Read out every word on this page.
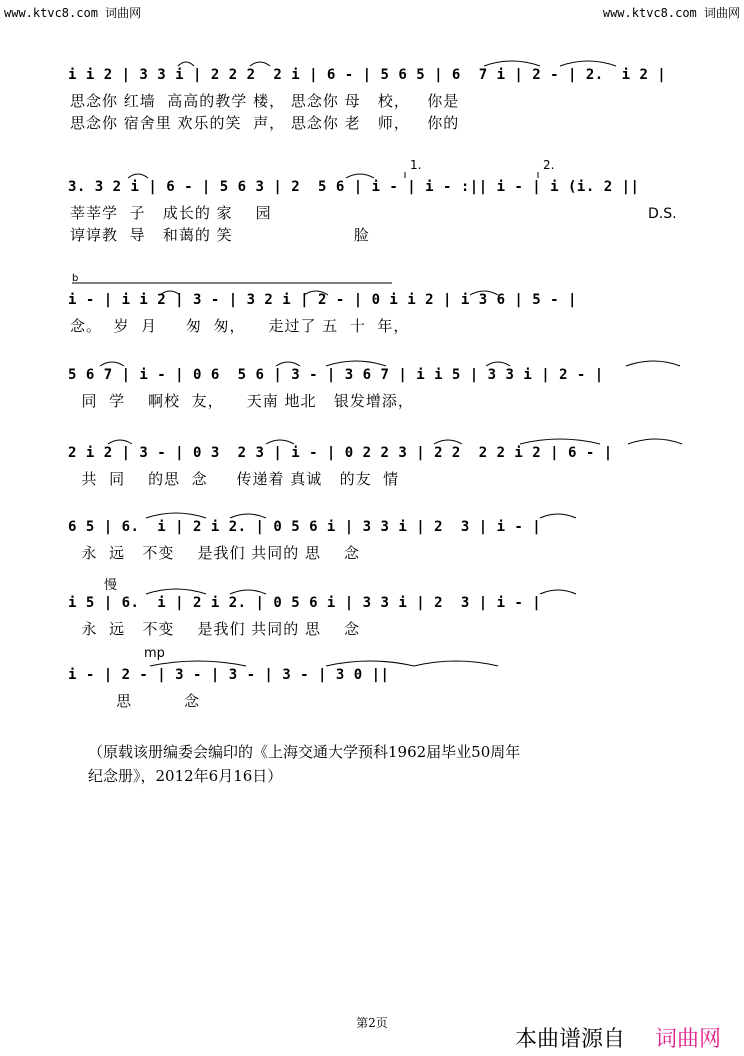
www.ktvc8.com 词曲网	www.ktvc8.com 词曲网
i i 2 | 3 3 i | 2 2 2  2 i | 6 - | 5 6 5 | 6  7 i | 2 - | 2.  i 2 |
思念你 红墙  高高的教学 楼， 思念你 母   校，   你是
思念你 宿舍里 欢乐的笑  声， 思念你 老   师，   你的
3. 3 2 i | 6 - | 5 6 3 | 2  5 6 | i - | i - :|| i - | i (i. 2 ||
1.	2.
D.S.
莘莘学  子   成长的 家    园
谆谆教  导   和蔼的 笑                     脸
b
i - | i i 2 | 3 - | 3 2 i | 2 - | 0 i i 2 | i 3 6 | 5 - |
念。  岁  月     匆  匆，    走过了 五  十  年，
5 6 7 | i - | 0 6  5 6 | 3 - | 3 6 7 | i i 5 | 3 3 i | 2 - |
同  学    啊校  友，    天南 地北   银发增添，
2 i 2 | 3 - | 0 3  2 3 | i - | 0 2 2 3 | 2 2  2 2 i 2 | 6 - |
共  同    的思  念     传递着 真诚   的友  情
6 5 | 6.  i | 2 i 2. | 0 5 6 i | 3 3 i | 2  3 | i - |
永  远   不变    是我们 共同的 思    念
慢
i 5 | 6.  i | 2 i 2. | 0 5 6 i | 3 3 i | 2  3 | i - |
永  远   不变    是我们 共同的 思    念
mp
i - | 2 - | 3 - | 3 - | 3 - | 3 0 ||
思         念
（原载该册编委会编印的《上海交通大学预科1962届毕业50周年
纪念册》，2012年6月16日）
第2页
本曲谱源自 词曲网
